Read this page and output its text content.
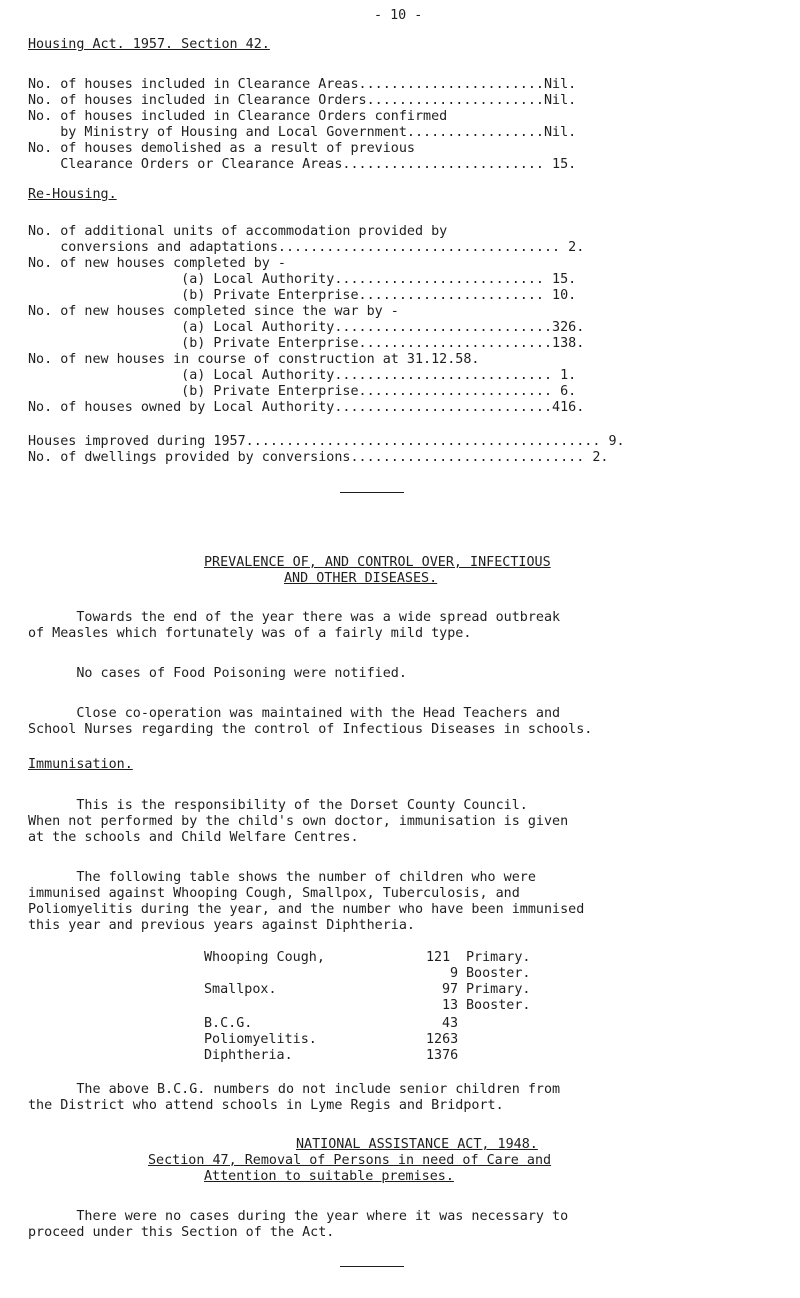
- 10 -
Housing Act. 1957. Section 42.
No. of houses included in Clearance Areas.......................Nil.
No. of houses included in Clearance Orders......................Nil.
No. of houses included in Clearance Orders confirmed
by Ministry of Housing and Local Government.................Nil.
No. of houses demolished as a result of previous
Clearance Orders or Clearance Areas......................... 15.
Re-Housing.
No. of additional units of accommodation provided by
conversions and adaptations................................... 2.
No. of new houses completed by -
(a) Local Authority.......................... 15.
(b) Private Enterprise....................... 10.
No. of new houses completed since the war by -
(a) Local Authority...........................326.
(b) Private Enterprise........................138.
No. of new houses in course of construction at 31.12.58.
(a) Local Authority........................... 1.
(b) Private Enterprise........................ 6.
No. of houses owned by Local Authority...........................416.
Houses improved during 1957............................................ 9.
No. of dwellings provided by conversions............................. 2.
PREVALENCE OF, AND CONTROL OVER, INFECTIOUS
AND OTHER DISEASES.
Towards the end of the year there was a wide spread outbreak
of Measles which fortunately was of a fairly mild type.
No cases of Food Poisoning were notified.
Close co-operation was maintained with the Head Teachers and
School Nurses regarding the control of Infectious Diseases in schools.
Immunisation.
This is the responsibility of the Dorset County Council.
When not performed by the child's own doctor, immunisation is given
at the schools and Child Welfare Centres.
The following table shows the number of children who were
immunised against Whooping Cough, Smallpox, Tuberculosis, and
Poliomyelitis during the year, and the number who have been immunised
this year and previous years against Diphtheria.
Whooping Cough,	121 Primary.
9 Booster.
Smallpox.	97 Primary.
13 Booster.
B.C.G.	43
Poliomyelitis.	1263
Diphtheria.	1376
The above B.C.G. numbers do not include senior children from
the District who attend schools in Lyme Regis and Bridport.
NATIONAL ASSISTANCE ACT, 1948.
Section 47, Removal of Persons in need of Care and
Attention to suitable premises.
There were no cases during the year where it was necessary to
proceed under this Section of the Act.
